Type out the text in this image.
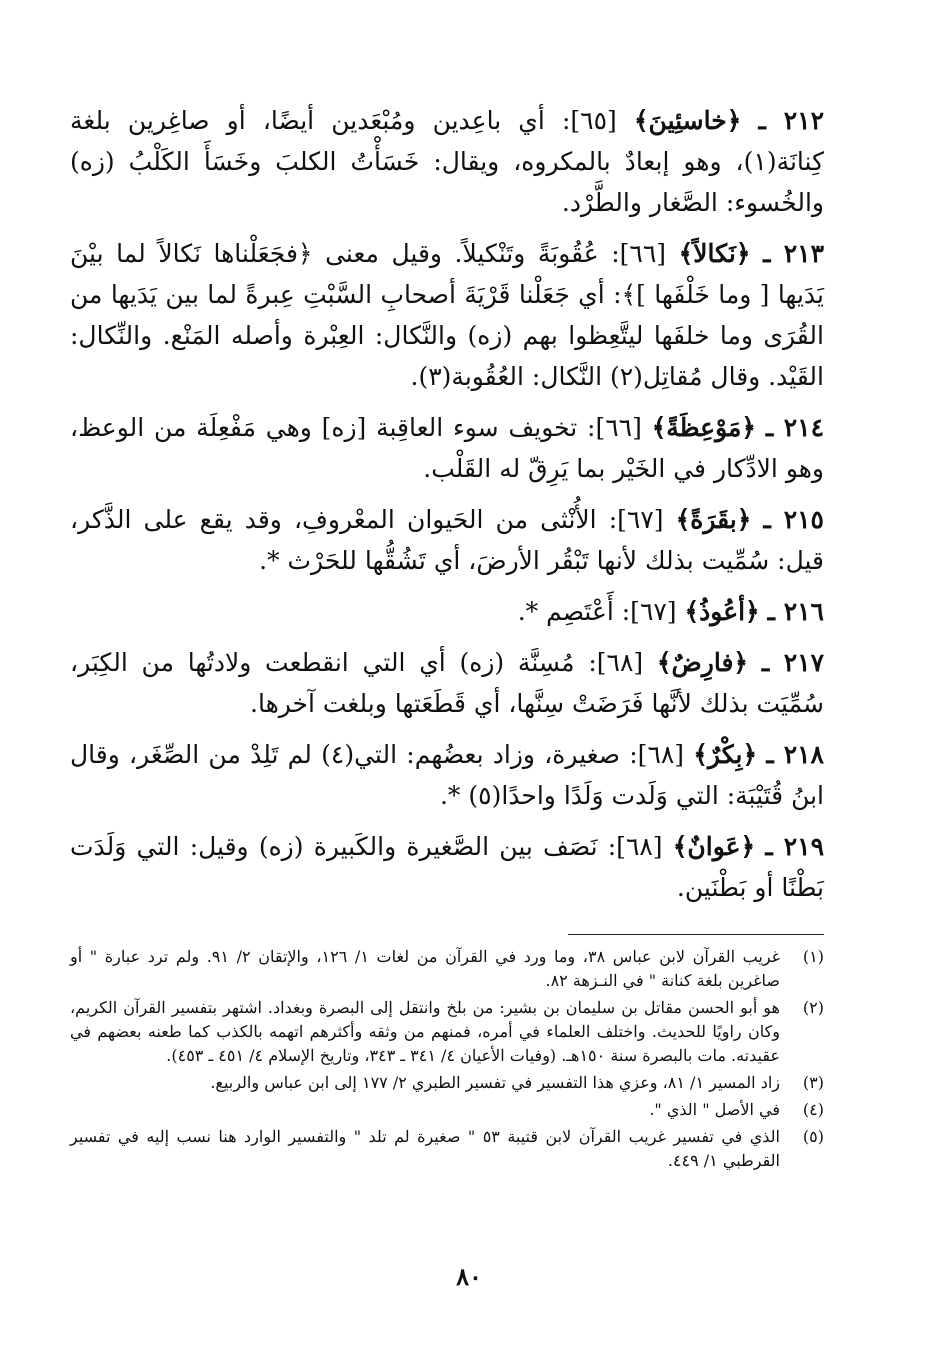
٢١٢ ـ ﴿خاسئِينَ﴾ [٦٥]: أي باعِدين ومُبْعَدين أيضًا، أو صاغِرين بلغة كِنانَة(١)، وهو إبعادٌ بالمكروه، ويقال: خَسَأْتُ الكلبَ وخَسَأَ الكَلْبُ (زه) والخُسوء: الصَّغار والطَّرْد.

٢١٣ ـ ﴿نَكالاً﴾ [٦٦]: عُقُوبَةً وتَنْكيلاً. وقيل معنى ﴿فجَعَلْناها نَكالاً لما بيْنَ يَدَيها [ وما خَلْفَها ]﴾: أي جَعَلْنا قَرْيَةَ أصحابِ السَّبْتِ عِبرةً لما بين يَدَيها من القُرَى وما خلفَها ليتَّعِظوا بهم (زه) والنَّكال: العِبْرة وأصله المَنْع. والنِّكال: القَيْد. وقال مُقاتِل(٢) النَّكال: العُقُوبة(٣).

٢١٤ ـ ﴿مَوْعِظَةً﴾ [٦٦]: تخويف سوء العاقِبة [زه] وهي مَفْعِلَة من الوعظ، وهو الادِّكار في الخَيْر بما يَرِقّ له القَلْب.

٢١٥ ـ ﴿بقَرَةً﴾ [٦٧]: الأُنْثى من الحَيوان المعْروفِ، وقد يقع على الذَّكر، قيل: سُمِّيت بذلك لأنها تَبْقُر الأرضَ، أي تَشُقُّها للحَرْث *.

٢١٦ ـ ﴿أعُوذُ﴾ [٦٧]: أَعْتَصِم *.

٢١٧ ـ ﴿فارِضٌ﴾ [٦٨]: مُسِنَّة (زه) أي التي انقطعت ولادتُها من الكِبَر، سُمِّيَت بذلك لأنَّها فَرَضَتْ سِنَّها، أي قَطَعَتها وبلغت آخرها.

٢١٨ ـ ﴿بِكْرٌ﴾ [٦٨]: صغيرة، وزاد بعضُهم: التي(٤) لم تَلِدْ من الصِّغَر، وقال ابنُ قُتَيْبَة: التي وَلَدت وَلَدًا واحدًا(٥) *.

٢١٩ ـ ﴿عَوانٌ﴾ [٦٨]: نَصَف بين الصَّغيرة والكَبيرة (زه) وقيل: التي وَلَدَت بَطْنًا أو بَطْنَين.

(١)
غريب القرآن لابن عباس ٣٨، وما ورد في القرآن من لغات ١/ ١٢٦، والإتقان ٢/ ٩١. ولم ترد عبارة " أو صاغرين بلغة كنانة " في النـزهة ٨٢.
(٢)
هو أبو الحسن مقاتل بن سليمان بن بشير: من بلخ وانتقل إلى البصرة وبغداد. اشتهر بتفسير القرآن الكريم، وكان راويًا للحديث. واختلف العلماء في أمره، فمنهم من وثقه وأكثرهم اتهمه بالكذب كما طعنه بعضهم في عقيدته. مات بالبصرة سنة ١٥٠هـ. (وفيات الأعيان ٤/ ٣٤١ ـ ٣٤٣، وتاريخ الإسلام ٤/ ٤٥١ ـ ٤٥٣).
(٣)
زاد المسير ١/ ٨١، وعزي هذا التفسير في تفسير الطبري ٢/ ١٧٧ إلى ابن عباس والربيع.
(٤)
في الأصل " الذي ".
(٥)
الذي في تفسير غريب القرآن لابن قتيبة ٥٣ " صغيرة لم تلد " والتفسير الوارد هنا نسب إليه في تفسير القرطبي ١/ ٤٤٩.
٨٠
